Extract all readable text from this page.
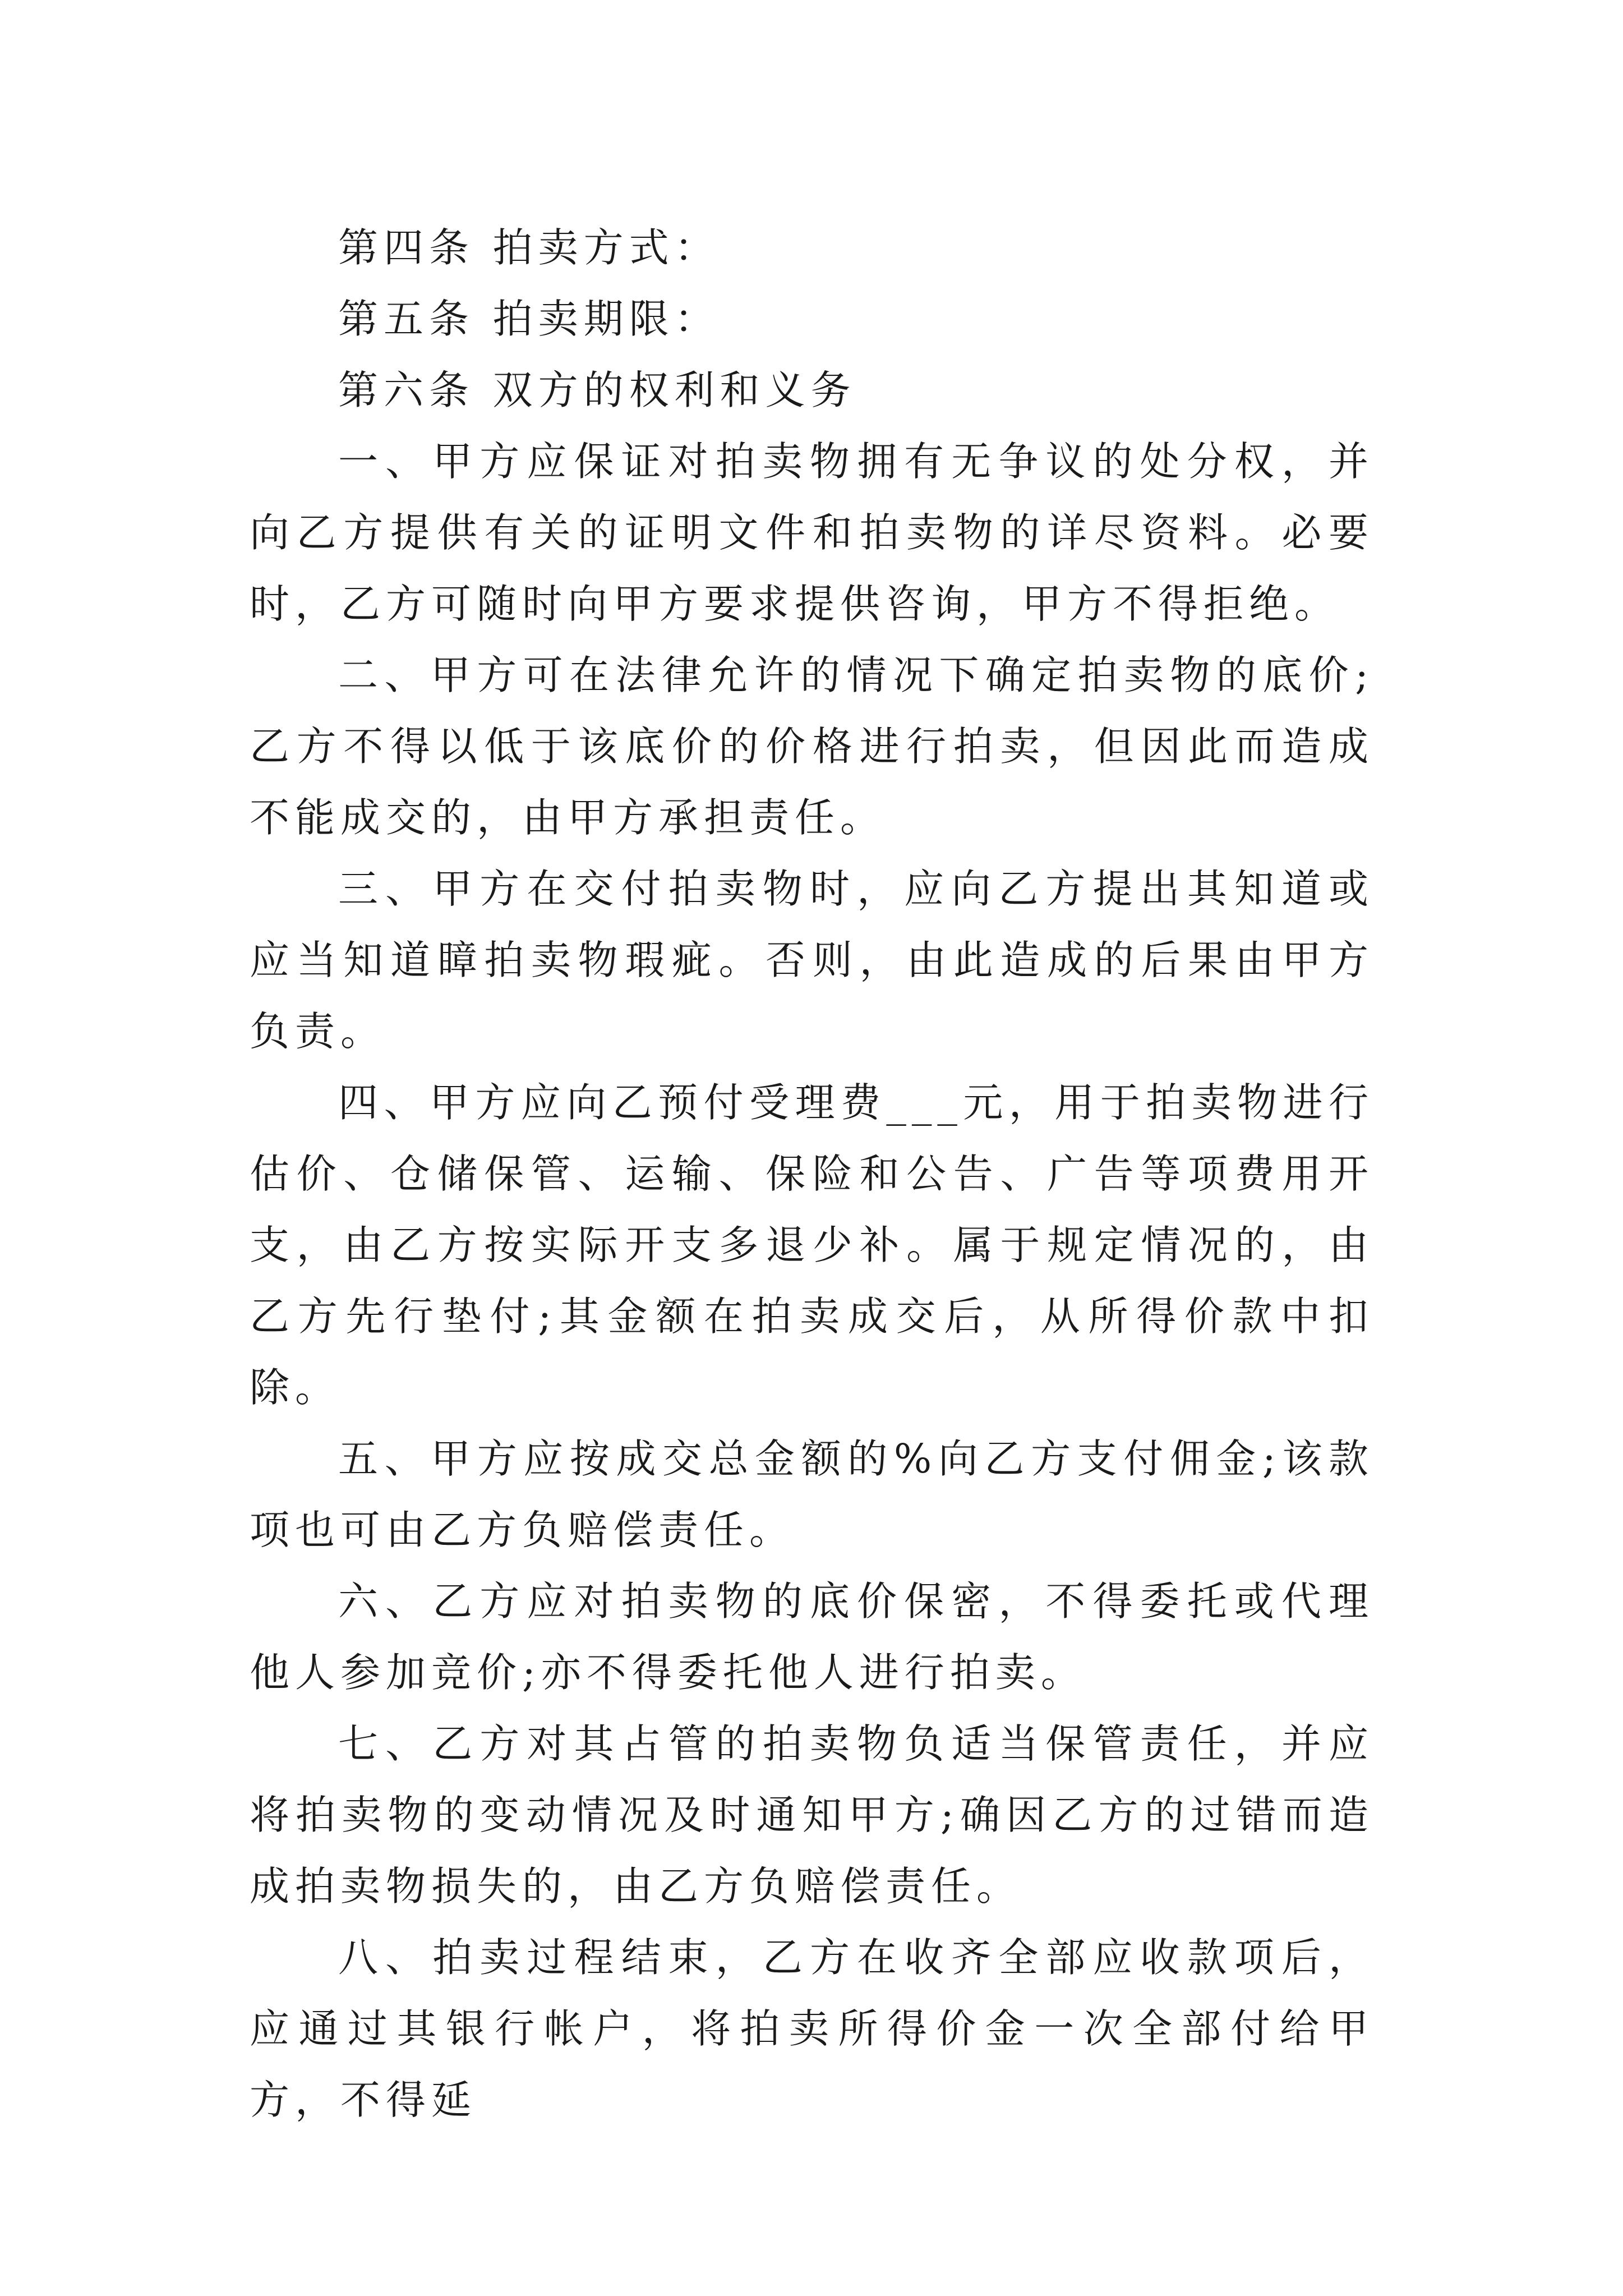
第四条 拍卖方式：

第五条 拍卖期限：

第六条 双方的权利和义务

一、甲方应保证对拍卖物拥有无争议的处分权，并向乙方提供有关的证明文件和拍卖物的详尽资料。必要时，乙方可随时向甲方要求提供咨询，甲方不得拒绝。

二、甲方可在法律允许的情况下确定拍卖物的底价;乙方不得以低于该底价的价格进行拍卖，但因此而造成不能成交的，由甲方承担责任。

三、甲方在交付拍卖物时，应向乙方提出其知道或应当知道瞕拍卖物瑕疵。否则，由此造成的后果由甲方负责。

四、甲方应向乙预付受理费___元，用于拍卖物进行估价、仓储保管、运输、保险和公告、广告等项费用开支，由乙方按实际开支多退少补。属于规定情况的，由乙方先行垫付;其金额在拍卖成交后，从所得价款中扣除。

五、甲方应按成交总金额的%向乙方支付佣金;该款项也可由乙方负赔偿责任。

六、乙方应对拍卖物的底价保密，不得委托或代理他人参加竞价;亦不得委托他人进行拍卖。

七、乙方对其占管的拍卖物负适当保管责任，并应将拍卖物的变动情况及时通知甲方;确因乙方的过错而造成拍卖物损失的，由乙方负赔偿责任。

八、拍卖过程结束，乙方在收齐全部应收款项后，应通过其银行帐户，将拍卖所得价金一次全部付给甲方，不得延
